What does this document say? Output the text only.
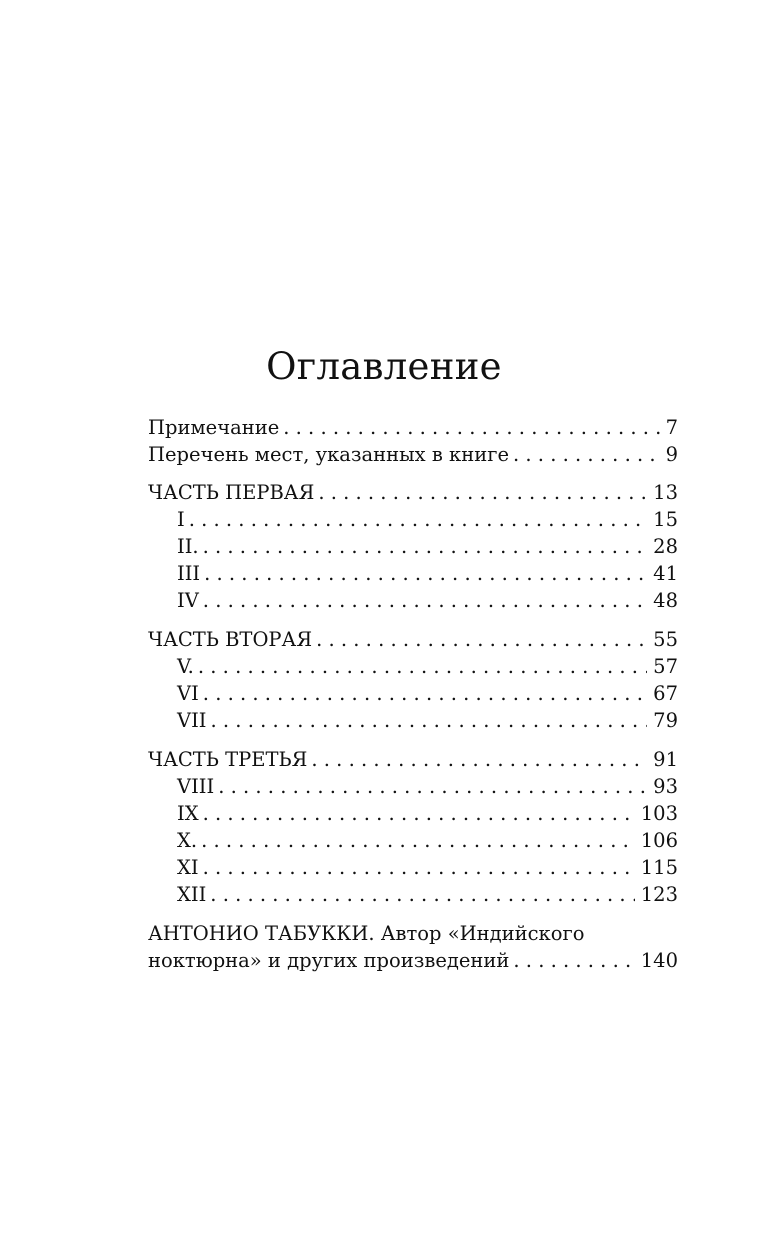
Оглавление
Примечание . . .	7
Перечень мест, указанных в книге . . .	9
ЧАСТЬ ПЕРВАЯ . . .	13
I . . .	15
II. . . .	28
III . . .	41
IV . . .	48
ЧАСТЬ ВТОРАЯ . . .	55
V. . . .	57
VI . . .	67
VII . . .	79
ЧАСТЬ ТРЕТЬЯ . . .	91
VIII . . .	93
IX . . .	103
X. . . .	106
XI . . .	115
XII . . .	123
АНТОНИО ТАБУККИ. Автор «Индийского
ноктюрна» и других произведений . . .	140
